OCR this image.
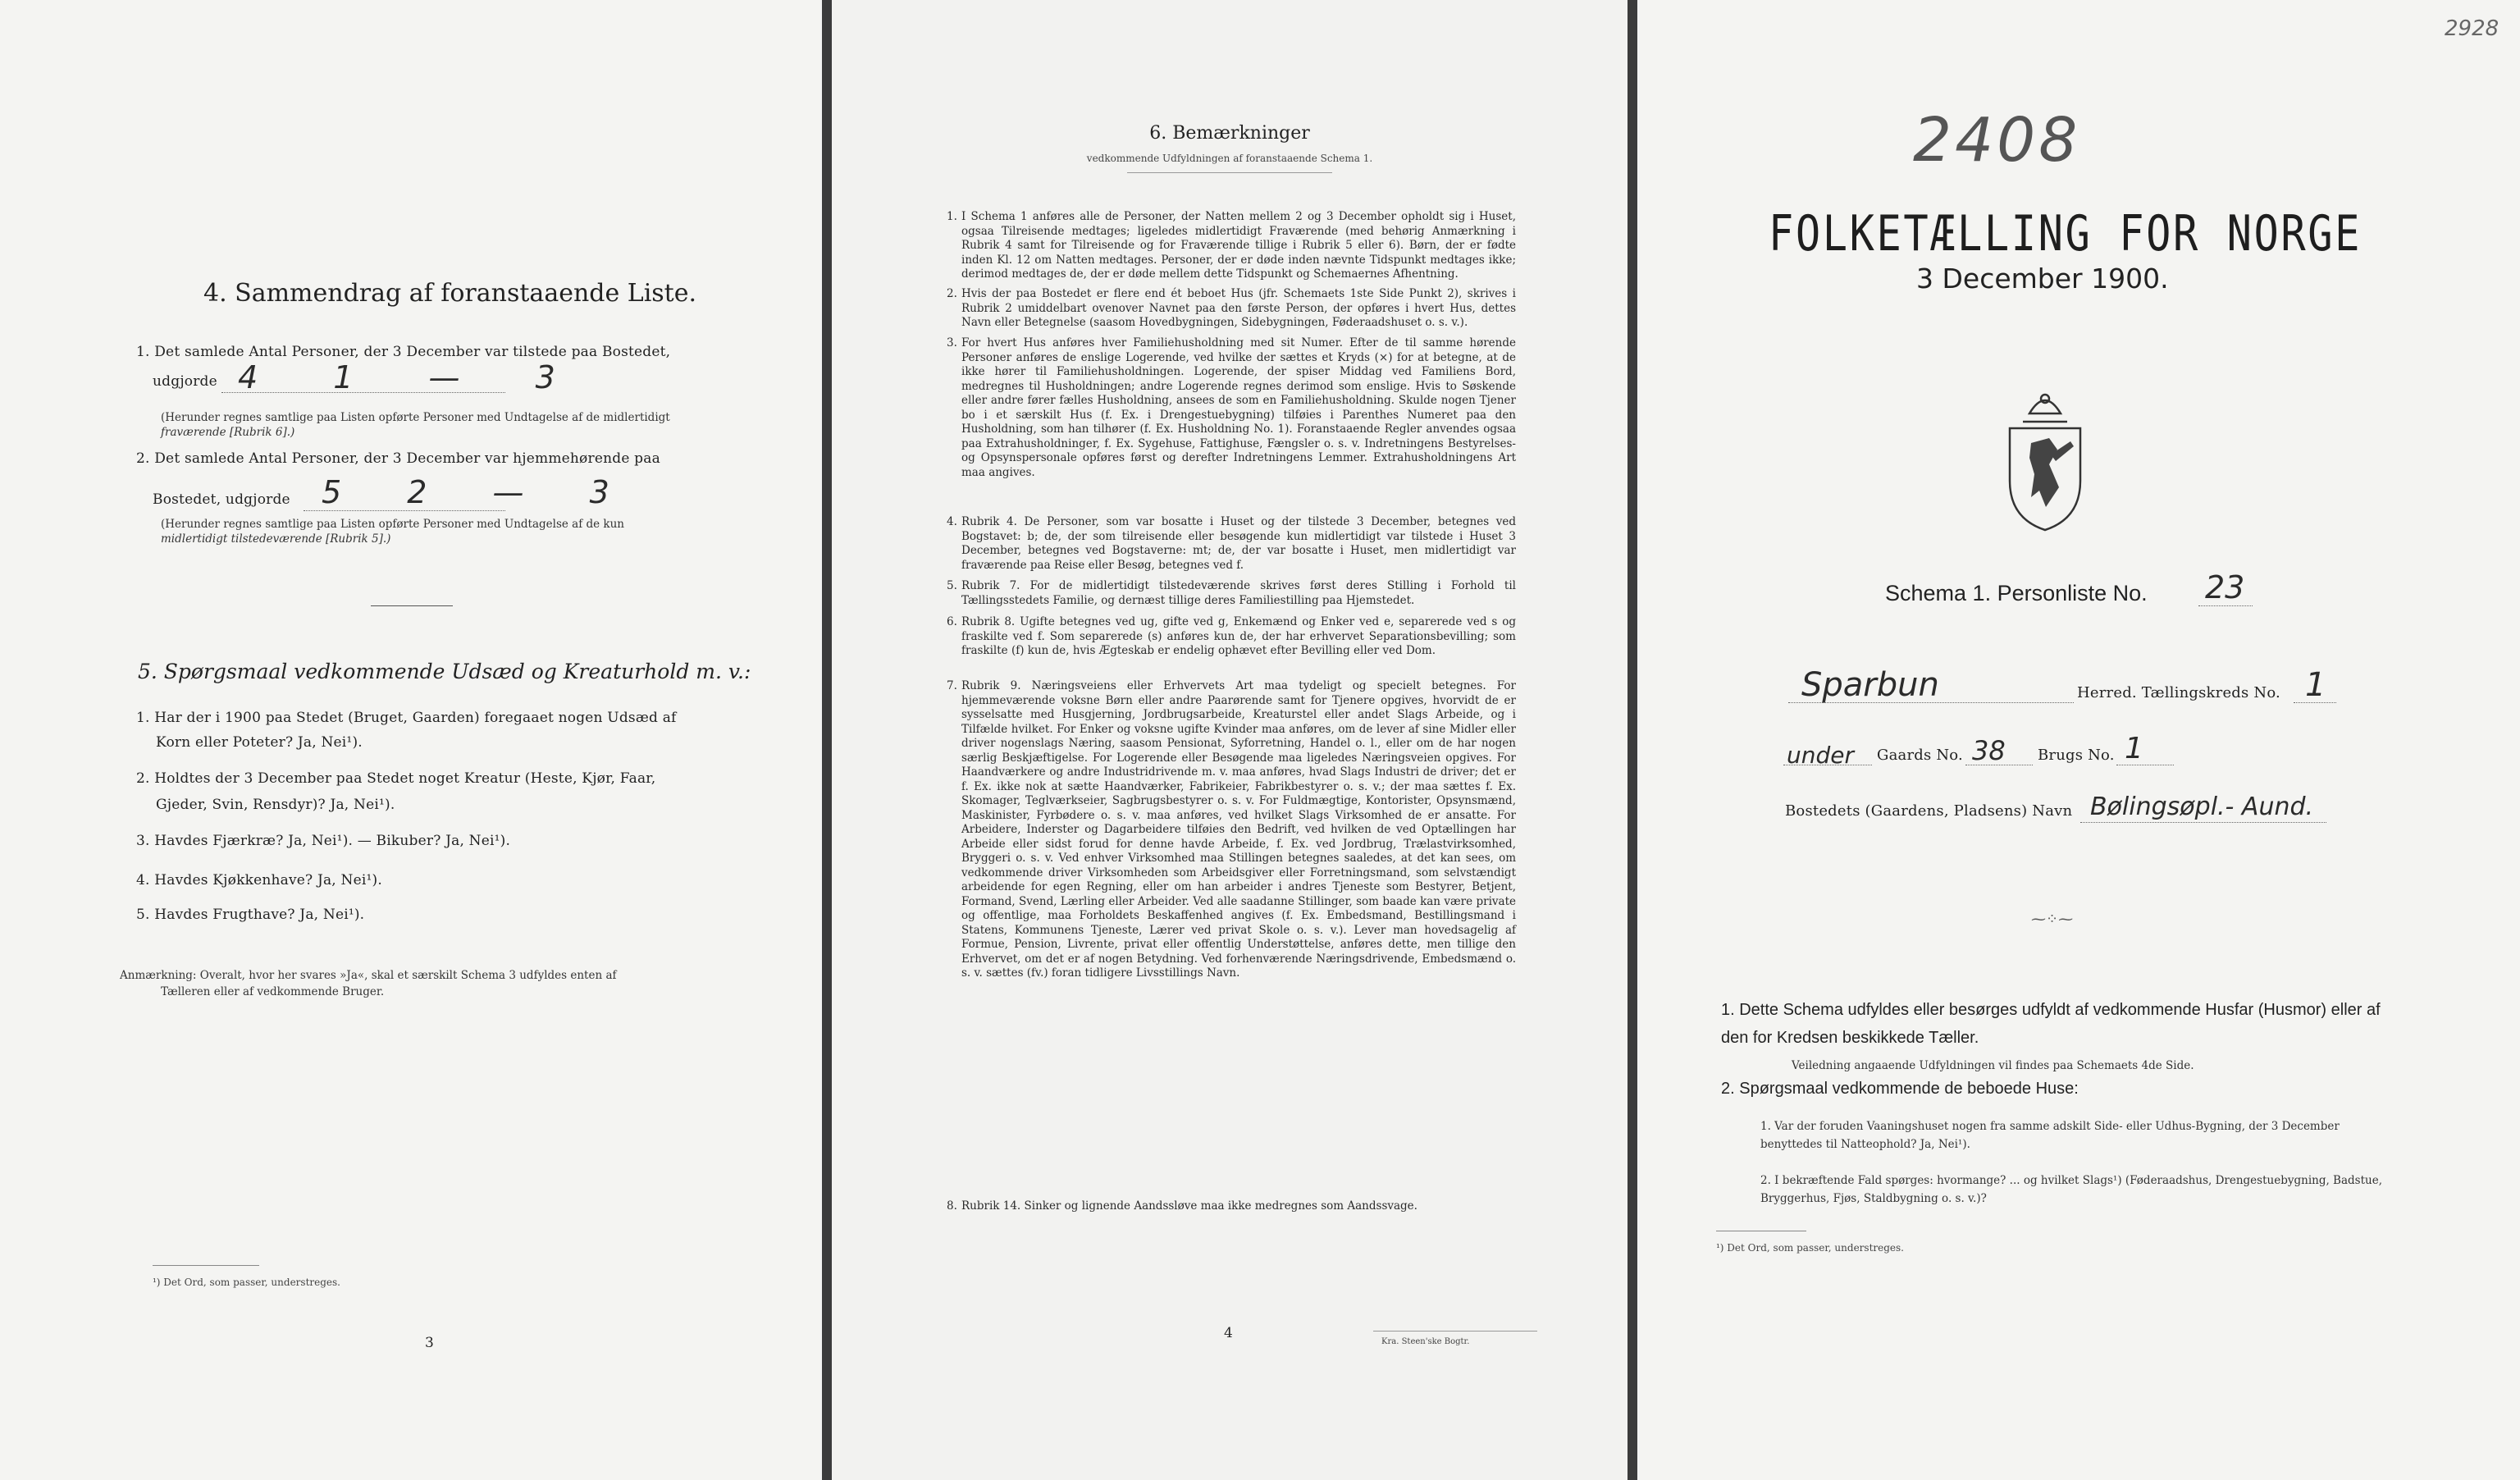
4. Sammendrag af foranstaaende Liste.
1. Det samlede Antal Personer, der 3 December var tilstede paa Bostedet,
udgjorde 4 1 — 3
(Herunder regnes samtlige paa Listen opførte Personer med Undtagelse af de midlertidigt
fraværende [Rubrik 6].)
2. Det samlede Antal Personer, der 3 December var hjemmehørende paa
Bostedet, udgjorde 5 2 — 3
(Herunder regnes samtlige paa Listen opførte Personer med Undtagelse af de kun
midlertidigt tilstedeværende [Rubrik 5].)
5. Spørgsmaal vedkommende Udsæd og Kreaturhold m. v.:
1. Har der i 1900 paa Stedet (Bruget, Gaarden) foregaaet nogen Udsæd af
Korn eller Poteter? Ja, Nei¹).
2. Holdtes der 3 December paa Stedet noget Kreatur (Heste, Kjør, Faar,
Gjeder, Svin, Rensdyr)? Ja, Nei¹).
3. Havdes Fjærkræ? Ja, Nei¹). — Bikuber? Ja, Nei¹).
4. Havdes Kjøkkenhave? Ja, Nei¹).
5. Havdes Frugthave? Ja, Nei¹).
Anmærkning: Overalt, hvor her svares »Ja«, skal et særskilt Schema 3 udfyldes enten af
Tælleren eller af vedkommende Bruger.
¹) Det Ord, som passer, understreges.
3
6. Bemærkninger
vedkommende Udfyldningen af foranstaaende Schema 1.
1. I Schema 1 anføres alle de Personer, der Natten mellem 2 og 3 December opholdt sig i Huset, ogsaa Tilreisende medtages; ligeledes midlertidigt Fraværende (med behørig Anmærkning i Rubrik 4 samt for Tilreisende og for Fraværende tillige i Rubrik 5 eller 6). Børn, der er fødte inden Kl. 12 om Natten medtages. Personer, der er døde inden nævnte Tidspunkt medtages ikke; derimod medtages de, der er døde mellem dette Tidspunkt og Schemaernes Afhentning.
2. Hvis der paa Bostedet er flere end ét beboet Hus (jfr. Schemaets 1ste Side Punkt 2), skrives i Rubrik 2 umiddelbart ovenover Navnet paa den første Person, der opføres i hvert Hus, dettes Navn eller Betegnelse (saasom Hovedbygningen, Sidebygningen, Føderaadshuset o. s. v.).
3. For hvert Hus anføres hver Familiehusholdning med sit Numer. Efter de til samme hørende Personer anføres de enslige Logerende, ved hvilke der sættes et Kryds (×) for at betegne, at de ikke hører til Familiehusholdningen. Logerende, der spiser Middag ved Familiens Bord, medregnes til Husholdningen; andre Logerende regnes derimod som enslige. Hvis to Søskende eller andre fører fælles Husholdning, ansees de som en Familiehusholdning. Skulde nogen Tjener bo i et særskilt Hus (f. Ex. i Drengestuebygning) tilføies i Parenthes Numeret paa den Husholdning, som han tilhører (f. Ex. Husholdning No. 1). Foranstaaende Regler anvendes ogsaa paa Extrahusholdninger, f. Ex. Sygehuse, Fattighuse, Fængsler o. s. v. Indretningens Bestyrelses- og Opsynspersonale opføres først og derefter Indretningens Lemmer. Extrahusholdningens Art maa angives.
4. Rubrik 4. De Personer, som var bosatte i Huset og der tilstede 3 December, betegnes ved Bogstavet: b; de, der som tilreisende eller besøgende kun midlertidigt var tilstede i Huset 3 December, betegnes ved Bogstaverne: mt; de, der var bosatte i Huset, men midlertidigt var fraværende paa Reise eller Besøg, betegnes ved f.
5. Rubrik 7. For de midlertidigt tilstedeværende skrives først deres Stilling i Forhold til Tællingsstedets Familie, og dernæst tillige deres Familiestilling paa Hjemstedet.
6. Rubrik 8. Ugifte betegnes ved ug, gifte ved g, Enkemænd og Enker ved e, separerede ved s og fraskilte ved f. Som separerede (s) anføres kun de, der har erhvervet Separationsbevilling; som fraskilte (f) kun de, hvis Ægteskab er endelig ophævet efter Bevilling eller ved Dom.
7. Rubrik 9. Næringsveiens eller Erhvervets Art maa tydeligt og specielt betegnes. For hjemmeværende voksne Børn eller andre Paarørende samt for Tjenere opgives, hvorvidt de er sysselsatte med Husgjerning, Jordbrugsarbeide, Kreaturstel eller andet Slags Arbeide, og i Tilfælde hvilket. For Enker og voksne ugifte Kvinder maa anføres, om de lever af sine Midler eller driver nogenslags Næring, saasom Pensionat, Syforretning, Handel o. l., eller om de har nogen særlig Beskjæftigelse. For Logerende eller Besøgende maa ligeledes Næringsveien opgives. For Haandværkere og andre Industridrivende m. v. maa anføres, hvad Slags Industri de driver; det er f. Ex. ikke nok at sætte Haandværker, Fabrikeier, Fabrikbestyrer o. s. v.; der maa sættes f. Ex. Skomager, Teglværkseier, Sagbrugsbestyrer o. s. v. For Fuldmægtige, Kontorister, Opsynsmænd, Maskinister, Fyrbødere o. s. v. maa anføres, ved hvilket Slags Virksomhed de er ansatte. For Arbeidere, Inderster og Dagarbeidere tilføies den Bedrift, ved hvilken de ved Optællingen har Arbeide eller sidst forud for denne havde Arbeide, f. Ex. ved Jordbrug, Trælastvirksomhed, Bryggeri o. s. v. Ved enhver Virksomhed maa Stillingen betegnes saaledes, at det kan sees, om vedkommende driver Virksomheden som Arbeidsgiver eller Forretningsmand, som selvstændigt arbeidende for egen Regning, eller om han arbeider i andres Tjeneste som Bestyrer, Betjent, Formand, Svend, Lærling eller Arbeider. Ved alle saadanne Stillinger, som baade kan være private og offentlige, maa Forholdets Beskaffenhed angives (f. Ex. Embedsmand, Bestillingsmand i Statens, Kommunens Tjeneste, Lærer ved privat Skole o. s. v.). Lever man hovedsagelig af Formue, Pension, Livrente, privat eller offentlig Understøttelse, anføres dette, men tillige den Erhvervet, om det er af nogen Betydning. Ved forhenværende Næringsdrivende, Embedsmænd o. s. v. sættes (fv.) foran tidligere Livsstillings Navn.
8. Rubrik 14. Sinker og lignende Aandssløve maa ikke medregnes som Aandssvage.
4
Kra. Steen'ske Bogtr.
2928
2408
FOLKETÆLLING FOR NORGE
3 December 1900.
Schema 1. Personliste No. 23
Sparbun	Herred. Tællingskreds No. 1
under Gaards No. 38 Brugs No. 1
Bostedets (Gaardens, Pladsens) Navn Bølingsøpl.- Aund.
⁓⁘⁓
1. Dette Schema udfyldes eller besørges udfyldt af vedkommende Husfar (Husmor) eller af den for Kredsen beskikkede Tæller.
Veiledning angaaende Udfyldningen vil findes paa Schemaets 4de Side.
2. Spørgsmaal vedkommende de beboede Huse:
1. Var der foruden Vaaningshuset nogen fra samme adskilt Side- eller Udhus-Bygning, der 3 December benyttedes til Natteophold? Ja, Nei¹).
2. I bekræftende Fald spørges: hvormange? ... og hvilket Slags¹) (Føderaadshus, Drengestuebygning, Badstue, Bryggerhus, Fjøs, Staldbygning o. s. v.)?
¹) Det Ord, som passer, understreges.
